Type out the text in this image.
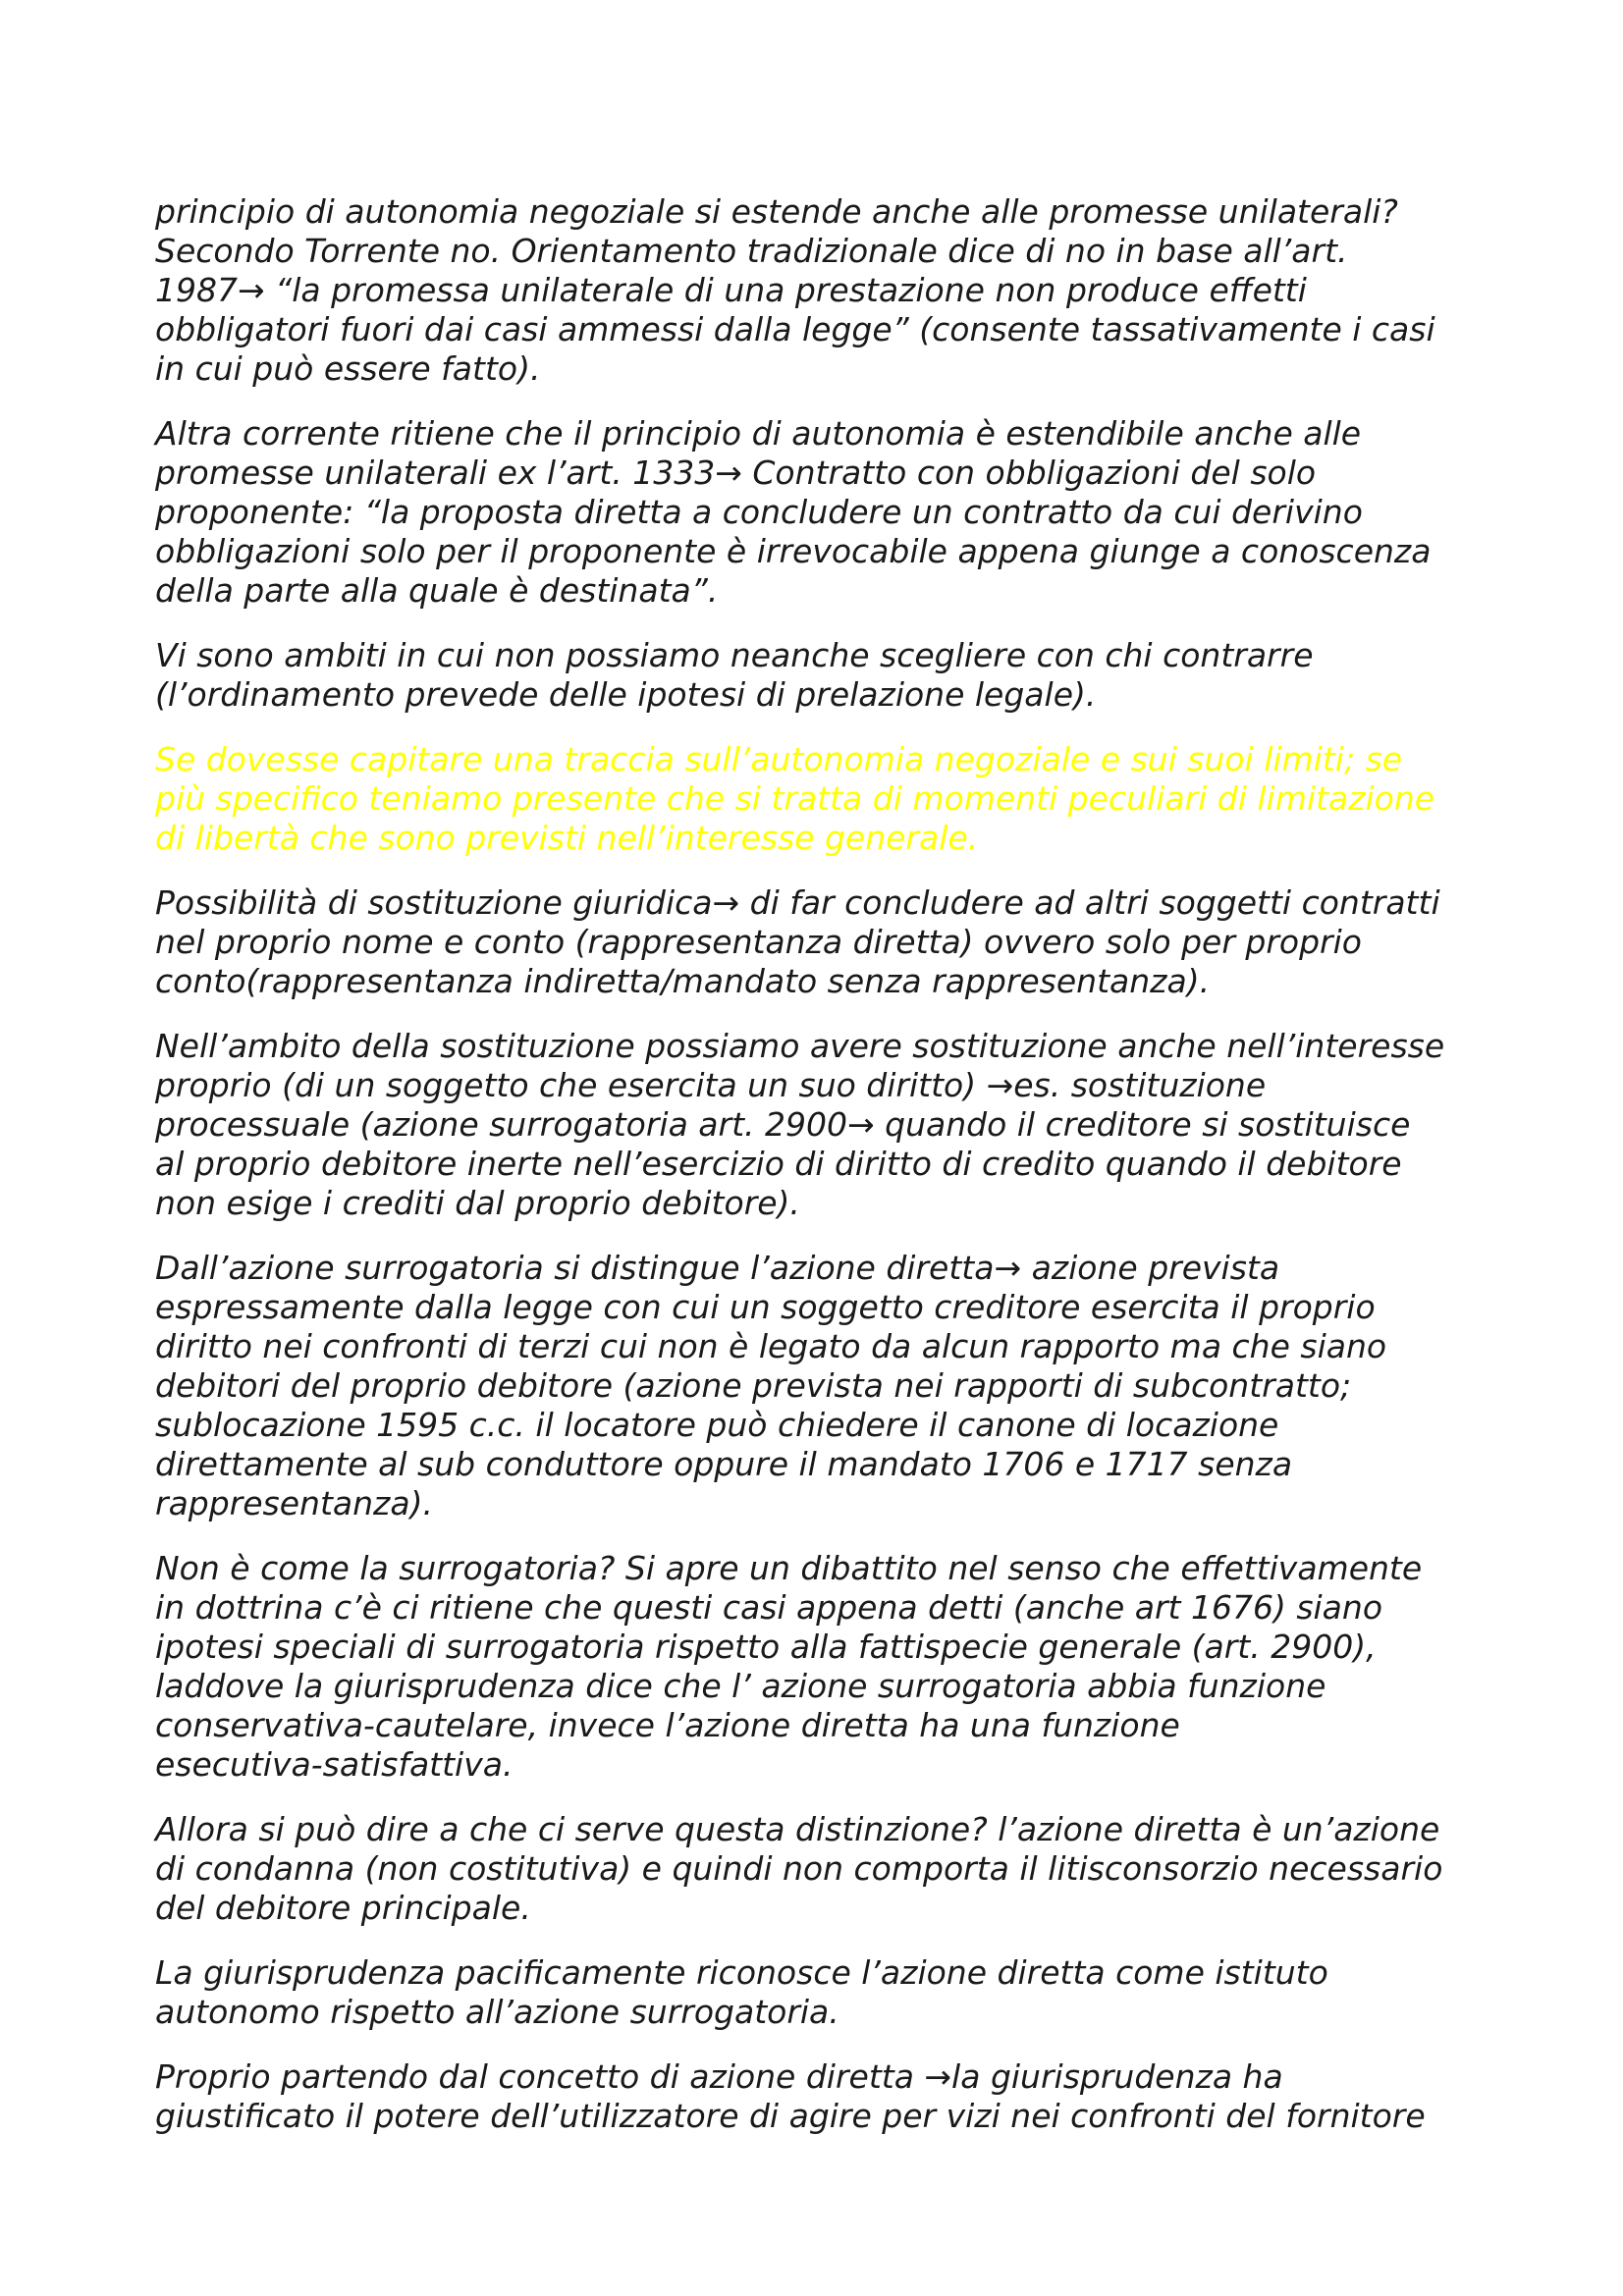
principio di autonomia negoziale si estende anche alle promesse unilaterali?
Secondo Torrente no. Orientamento tradizionale dice di no in base all’art.
1987→ “la promessa unilaterale di una prestazione non produce effetti
obbligatori fuori dai casi ammessi dalla legge” (consente tassativamente i casi
in cui può essere fatto).

Altra corrente ritiene che il principio di autonomia è estendibile anche alle
promesse unilaterali ex l’art. 1333→ Contratto con obbligazioni del solo
proponente: “la proposta diretta a concludere un contratto da cui derivino
obbligazioni solo per il proponente è irrevocabile appena giunge a conoscenza
della parte alla quale è destinata”.

Vi sono ambiti in cui non possiamo neanche scegliere con chi contrarre
(l’ordinamento prevede delle ipotesi di prelazione legale).

Se dovesse capitare una traccia sull’autonomia negoziale e sui suoi limiti; se
più specifico teniamo presente che si tratta di momenti peculiari di limitazione
di libertà che sono previsti nell’interesse generale.

Possibilità di sostituzione giuridica→ di far concludere ad altri soggetti contratti
nel proprio nome e conto (rappresentanza diretta) ovvero solo per proprio
conto(rappresentanza indiretta/mandato senza rappresentanza).

Nell’ambito della sostituzione possiamo avere sostituzione anche nell’interesse
proprio (di un soggetto che esercita un suo diritto) →es. sostituzione
processuale (azione surrogatoria art. 2900→ quando il creditore si sostituisce
al proprio debitore inerte nell’esercizio di diritto di credito quando il debitore
non esige i crediti dal proprio debitore).

Dall’azione surrogatoria si distingue l’azione diretta→ azione prevista
espressamente dalla legge con cui un soggetto creditore esercita il proprio
diritto nei confronti di terzi cui non è legato da alcun rapporto ma che siano
debitori del proprio debitore (azione prevista nei rapporti di subcontratto;
sublocazione 1595 c.c. il locatore può chiedere il canone di locazione
direttamente al sub conduttore oppure il mandato 1706 e 1717 senza
rappresentanza).

Non è come la surrogatoria? Si apre un dibattito nel senso che effettivamente
in dottrina c’è ci ritiene che questi casi appena detti (anche art 1676) siano
ipotesi speciali di surrogatoria rispetto alla fattispecie generale (art. 2900),
laddove la giurisprudenza dice che l’ azione surrogatoria abbia funzione
conservativa-cautelare, invece l’azione diretta ha una funzione
esecutiva-satisfattiva.

Allora si può dire a che ci serve questa distinzione? l’azione diretta è un’azione
di condanna (non costitutiva) e quindi non comporta il litisconsorzio necessario
del debitore principale.

La giurisprudenza pacificamente riconosce l’azione diretta come istituto
autonomo rispetto all’azione surrogatoria.

Proprio partendo dal concetto di azione diretta →la giurisprudenza ha
giustificato il potere dell’utilizzatore di agire per vizi nei confronti del fornitore
